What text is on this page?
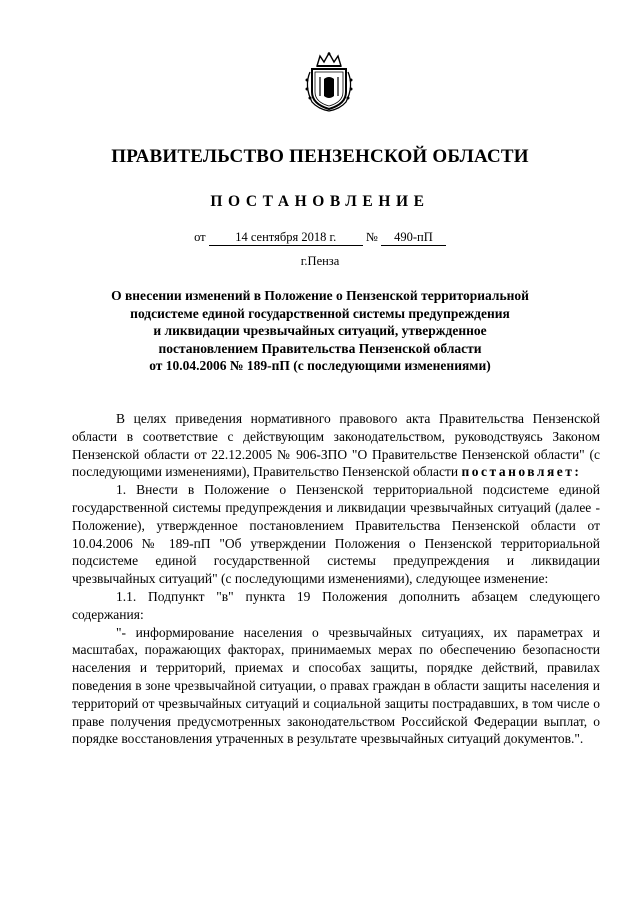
ПРАВИТЕЛЬСТВО ПЕНЗЕНСКОЙ ОБЛАСТИ
ПОСТАНОВЛЕНИЕ
от 14 сентября 2018 г. № 490-пП
г.Пенза
О внесении изменений в Положение о Пензенской территориальной
подсистеме единой государственной системы предупреждения
и ликвидации чрезвычайных ситуаций, утвержденное
постановлением Правительства Пензенской области
от 10.04.2006 № 189-пП (с последующими изменениями)

В целях приведения нормативного правового акта Правительства Пензенской области в соответствие с действующим законодательством, руководствуясь Законом Пензенской области от 22.12.2005 № 906-ЗПО "О Правительстве Пензенской области" (с последующими изменениями), Правительство Пензенской области постановляет:

1. Внести в Положение о Пензенской территориальной подсистеме единой государственной системы предупреждения и ликвидации чрезвычайных ситуаций (далее - Положение), утвержденное постановлением Правительства Пензенской области от 10.04.2006 № 189-пП "Об утверждении Положения о Пензенской территориальной подсистеме единой государственной системы предупреждения и ликвидации чрезвычайных ситуаций" (с последующими изменениями), следующее изменение:

1.1. Подпункт "в" пункта 19 Положения дополнить абзацем следующего содержания:

"- информирование населения о чрезвычайных ситуациях, их параметрах и масштабах, поражающих факторах, принимаемых мерах по обеспечению безопасности населения и территорий, приемах и способах защиты, порядке действий, правилах поведения в зоне чрезвычайной ситуации, о правах граждан в области защиты населения и территорий от чрезвычайных ситуаций и социальной защиты пострадавших, в том числе о праве получения предусмотренных законодательством Российской Федерации выплат, о порядке восстановления утраченных в результате чрезвычайных ситуаций документов.".
